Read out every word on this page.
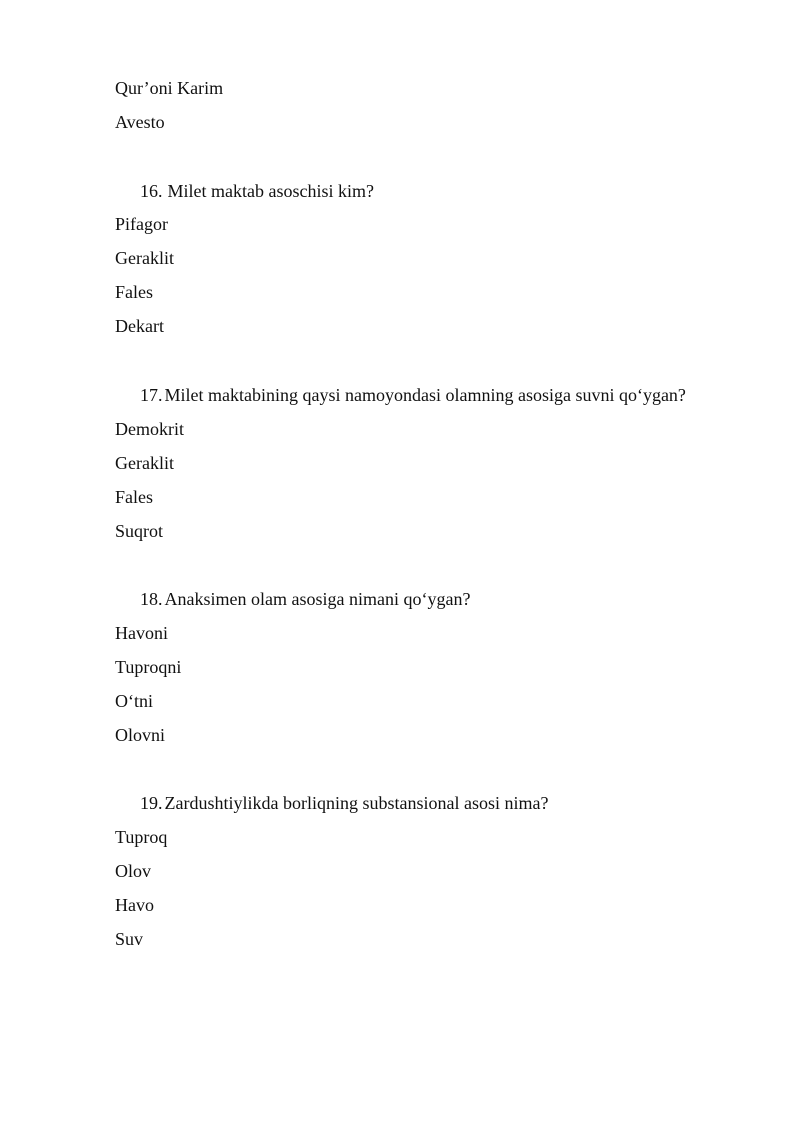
Qur’oni Karim
Avesto
16. Milet maktab asoschisi kim?
Pifagor
Geraklit
Fales
Dekart
17. Milet maktabining qaysi namoyondasi olamning asosiga suvni qo‘ygan?
Demokrit
Geraklit
Fales
Suqrot
18. Anaksimen olam asosiga nimani qo‘ygan?
Havoni
Tuproqni
O‘tni
Olovni
19. Zardushtiylikda borliqning substansional asosi nima?
Tuproq
Olov
Havo
Suv
